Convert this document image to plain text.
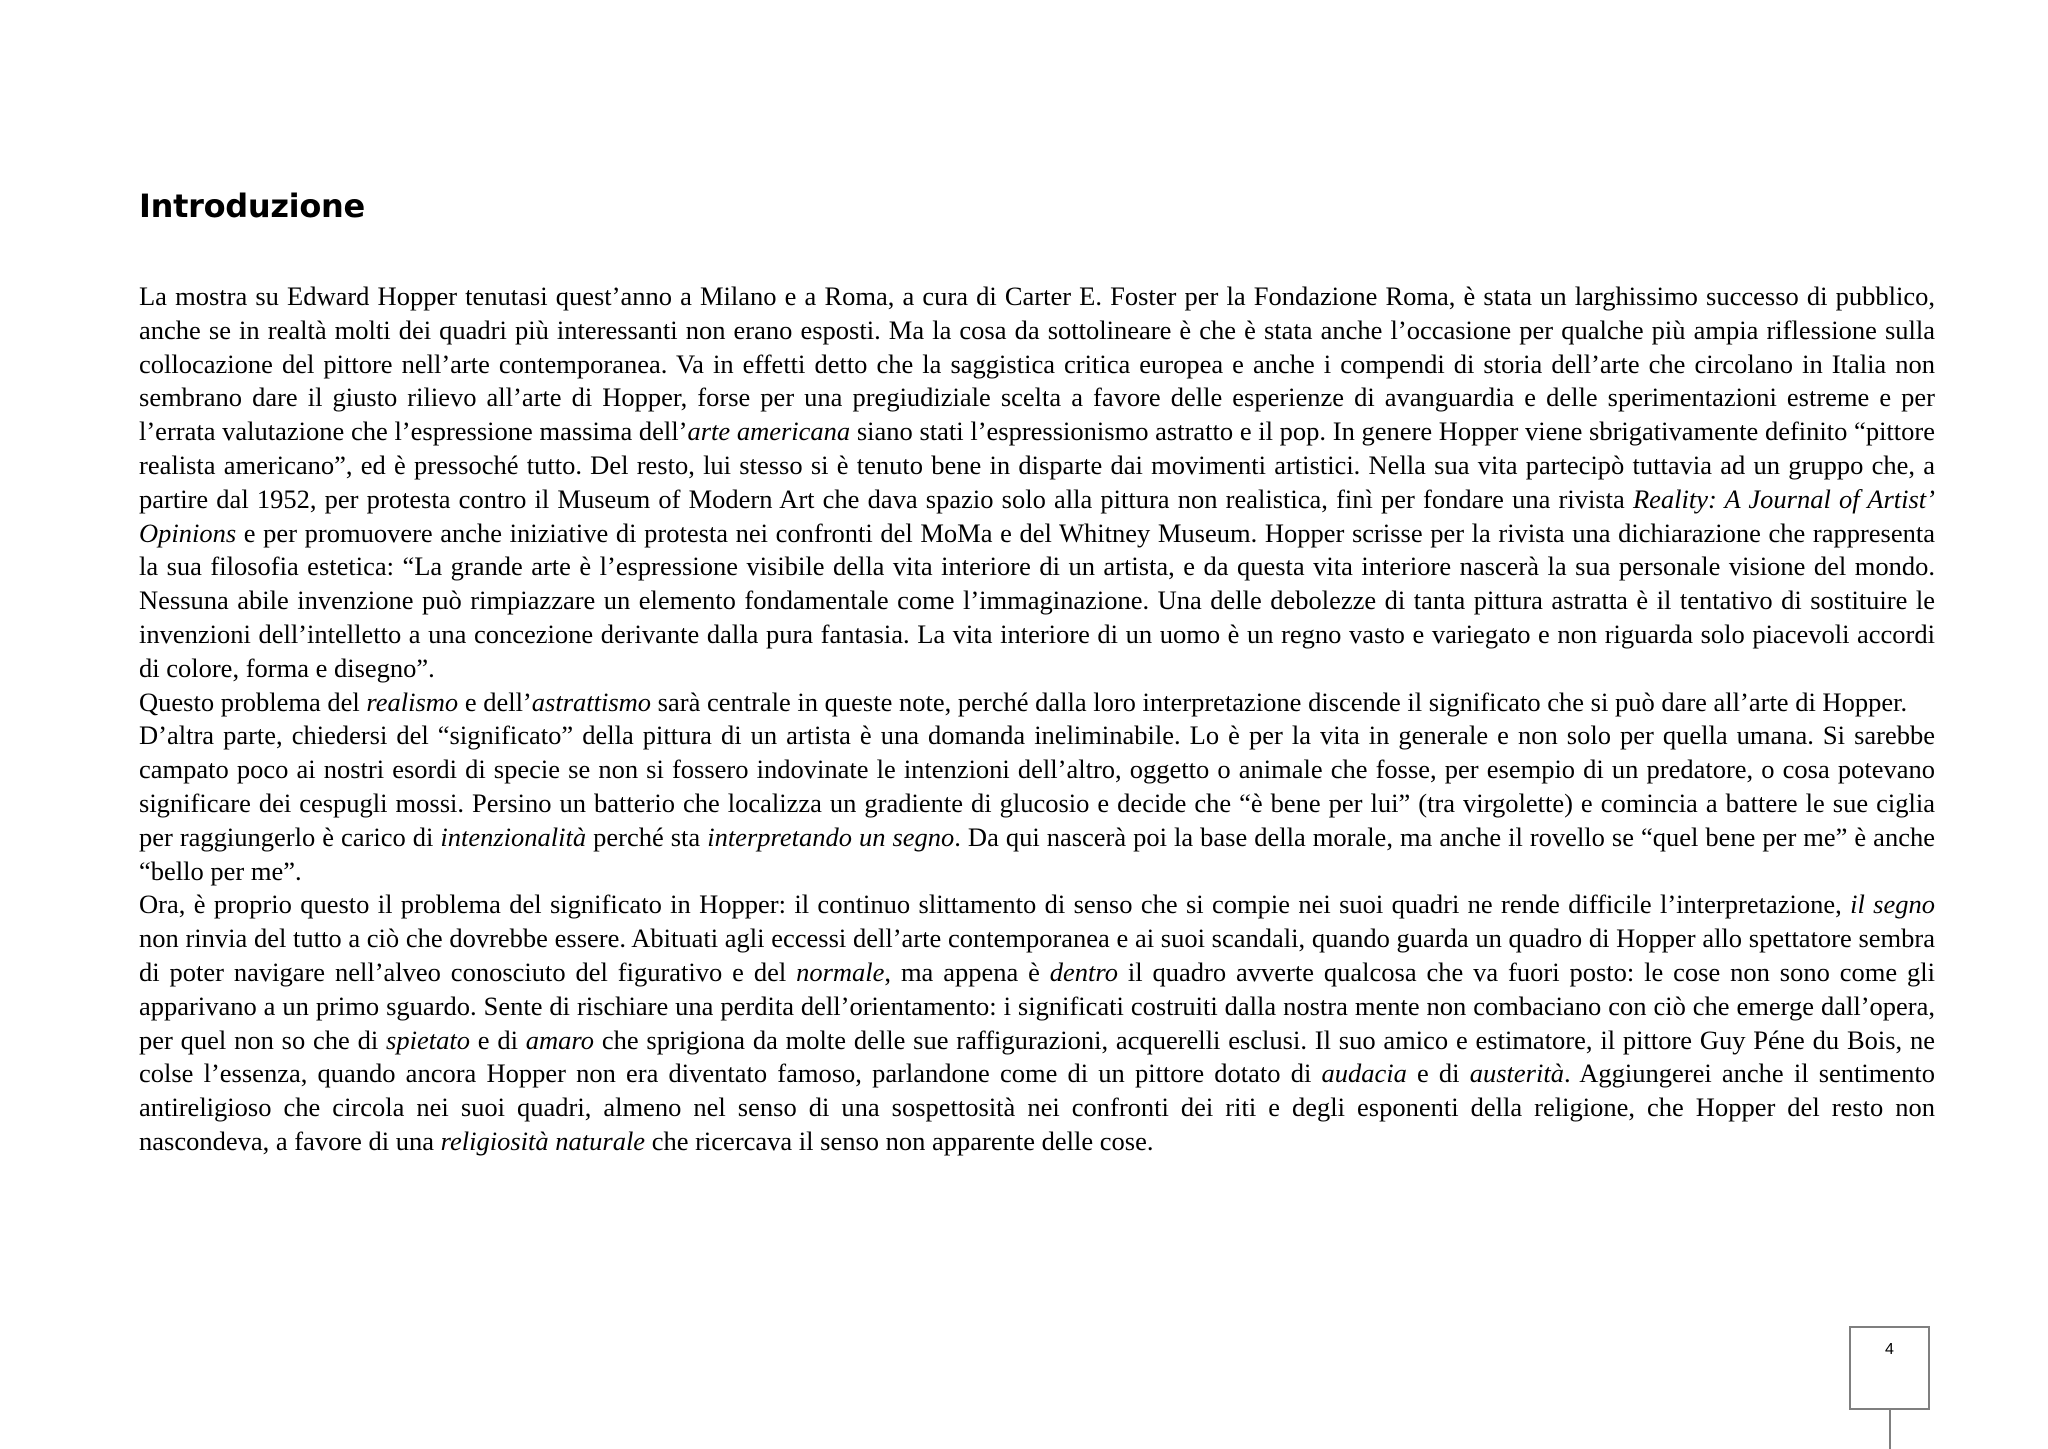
Introduzione

La mostra su Edward Hopper tenutasi quest’anno a Milano e a Roma, a cura di Carter E. Foster per la Fondazione Roma, è stata un larghissimo successo di pubblico, anche se in realtà molti dei quadri più interessanti non erano esposti. Ma la cosa da sottolineare è che è stata anche l’occasione per qualche più ampia riflessione sulla collocazione del pittore nell’arte contemporanea. Va in effetti detto che la saggistica critica europea e anche i compendi di storia dell’arte che circolano in Italia non sembrano dare il giusto rilievo all’arte di Hopper, forse per una pregiudiziale scelta a favore delle esperienze di avanguardia e delle sperimentazioni estreme e per l’errata valutazione che l’espressione massima dell’arte americana siano stati l’espressionismo astratto e il pop. In genere Hopper viene sbrigativamente definito “pittore realista americano”, ed è pressoché tutto. Del resto, lui stesso si è tenuto bene in disparte dai movimenti artistici. Nella sua vita partecipò tuttavia ad un gruppo che, a partire dal 1952, per protesta contro il Museum of Modern Art che dava spazio solo alla pittura non realistica, finì per fondare una rivista Reality: A Journal of Artist’ Opinions e per promuovere anche iniziative di protesta nei confronti del MoMa e del Whitney Museum. Hopper scrisse per la rivista una dichiarazione che rappresenta la sua filosofia estetica: “La grande arte è l’espressione visibile della vita interiore di un artista, e da questa vita interiore nascerà la sua personale visione del mondo. Nessuna abile invenzione può rimpiazzare un elemento fondamentale come l’immaginazione. Una delle debolezze di tanta pittura astratta è il tentativo di sostituire le invenzioni dell’intelletto a una concezione derivante dalla pura fantasia. La vita interiore di un uomo è un regno vasto e variegato e non riguarda solo piacevoli accordi di colore, forma e disegno”.

Questo problema del realismo e dell’astrattismo sarà centrale in queste note, perché dalla loro interpretazione discende il significato che si può dare all’arte di Hopper.

D’altra parte, chiedersi del “significato” della pittura di un artista è una domanda ineliminabile. Lo è per la vita in generale e non solo per quella umana. Si sarebbe campato poco ai nostri esordi di specie se non si fossero indovinate le intenzioni dell’altro, oggetto o animale che fosse, per esempio di un predatore, o cosa potevano significare dei cespugli mossi. Persino un batterio che localizza un gradiente di glucosio e decide che “è bene per lui” (tra virgolette) e comincia a battere le sue ciglia per raggiungerlo è carico di intenzionalità perché sta interpretando un segno. Da qui nascerà poi la base della morale, ma anche il rovello se “quel bene per me” è anche “bello per me”.

Ora, è proprio questo il problema del significato in Hopper: il continuo slittamento di senso che si compie nei suoi quadri ne rende difficile l’interpretazione, il segno non rinvia del tutto a ciò che dovrebbe essere. Abituati agli eccessi dell’arte contemporanea e ai suoi scandali, quando guarda un quadro di Hopper allo spettatore sembra di poter navigare nell’alveo conosciuto del figurativo e del normale, ma appena è dentro il quadro avverte qualcosa che va fuori posto: le cose non sono come gli apparivano a un primo sguardo. Sente di rischiare una perdita dell’orientamento: i significati costruiti dalla nostra mente non combaciano con ciò che emerge dall’opera, per quel non so che di spietato e di amaro che sprigiona da molte delle sue raffigurazioni, acquerelli esclusi. Il suo amico e estimatore, il pittore Guy Péne du Bois, ne colse l’essenza, quando ancora Hopper non era diventato famoso, parlandone come di un pittore dotato di audacia e di austerità. Aggiungerei anche il sentimento antireligioso che circola nei suoi quadri, almeno nel senso di una sospettosità nei confronti dei riti e degli esponenti della religione, che Hopper del resto non nascondeva, a favore di una religiosità naturale che ricercava il senso non apparente delle cose.

4
